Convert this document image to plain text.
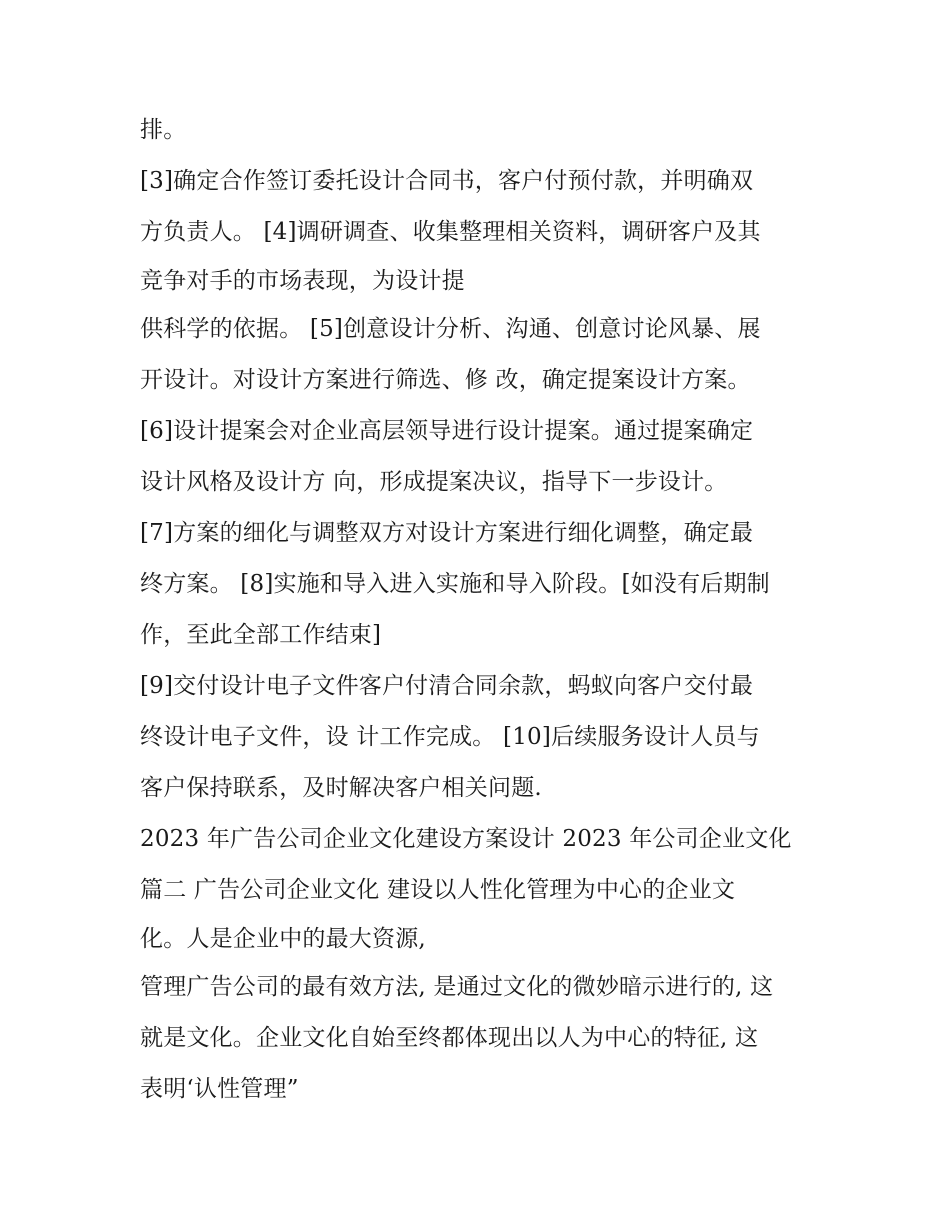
排。
[3]确定合作签订委托设计合同书，客户付预付款，并明确双
方负责人。 [4]调研调查、收集整理相关资料，调研客户及其
竞争对手的市场表现，为设计提
供科学的依据。 [5]创意设计分析、沟通、创意讨论风暴、展
开设计。对设计方案进行筛选、修 改，确定提案设计方案。
[6]设计提案会对企业高层领导进行设计提案。通过提案确定
设计风格及设计方 向，形成提案决议，指导下一步设计。
[7]方案的细化与调整双方对设计方案进行细化调整，确定最
终方案。 [8]实施和导入进入实施和导入阶段。[如没有后期制
作，至此全部工作结束]
[9]交付设计电子文件客户付清合同余款，蚂蚁向客户交付最
终设计电子文件，设 计工作完成。 [10]后续服务设计人员与
客户保持联系，及时解决客户相关问题.
2023 年广告公司企业文化建设方案设计 2023 年公司企业文化
篇二 广告公司企业文化 建设以人性化管理为中心的企业文
化。人是企业中的最大资源,
管理广告公司的最有效方法, 是通过文化的微妙暗示进行的, 这
就是文化。企业文化自始至终都体现出以人为中心的特征, 这
表明‘认性管理”
